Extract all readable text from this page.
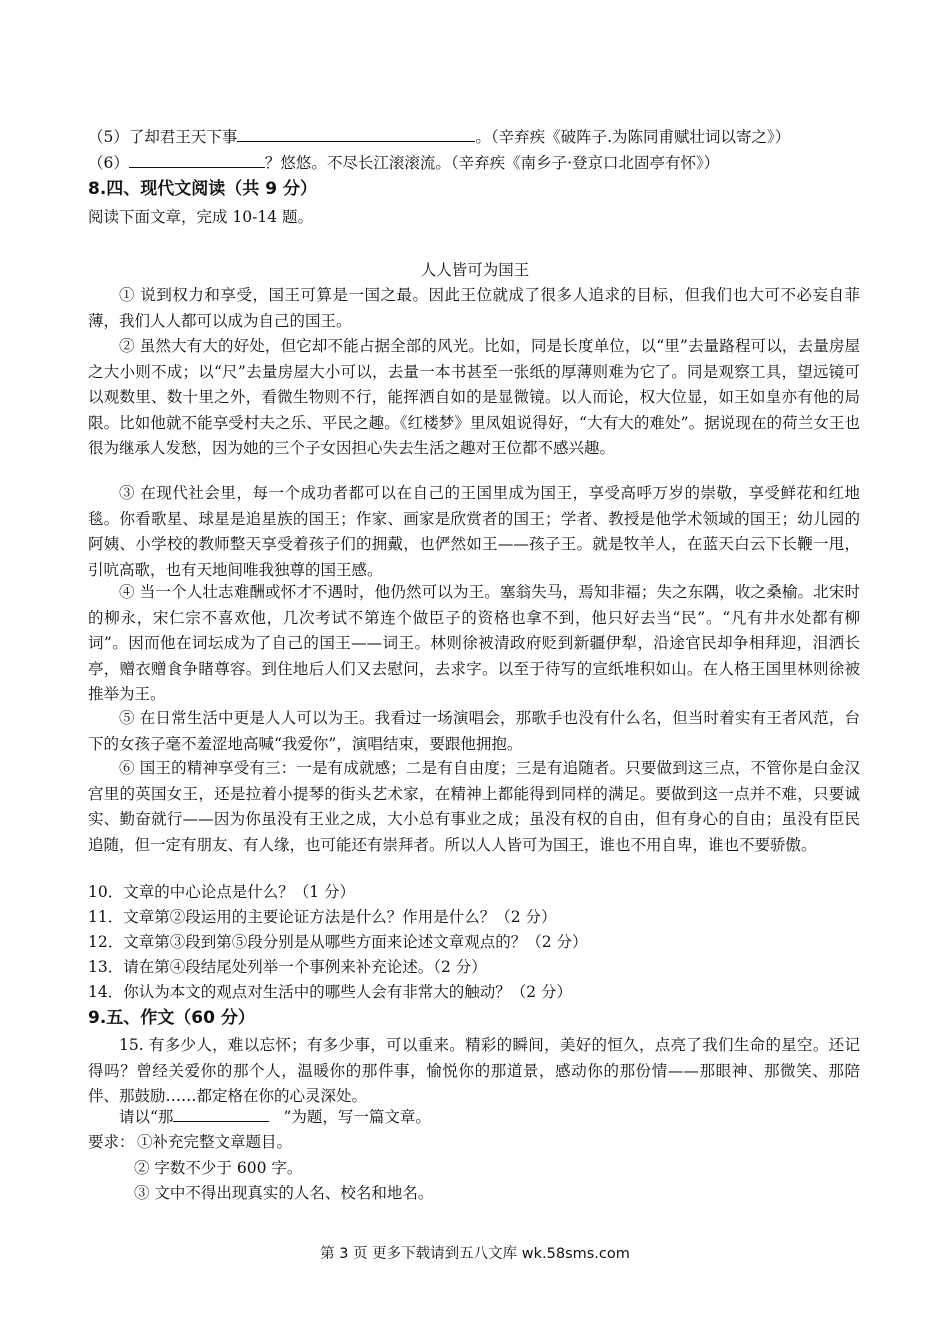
（5）了却君王天下事	。（辛弃疾《破阵子.为陈同甫赋壮词以寄之》）
（6）	？悠悠。不尽长江滚滚流。（辛弃疾《南乡子·登京口北固亭有怀》）
8.四、现代文阅读（共 9 分）
阅读下面文章，完成 10-14 题。
人人皆可为国王

① 说到权力和享受，国王可算是一国之最。因此王位就成了很多人追求的目标，但我们也大可不必妄自菲薄，我们人人都可以成为自己的国王。

② 虽然大有大的好处，但它却不能占据全部的风光。比如，同是长度单位，以“里”去量路程可以，去量房屋之大小则不成；以“尺”去量房屋大小可以，去量一本书甚至一张纸的厚薄则难为它了。同是观察工具，望远镜可以观数里、数十里之外，看微生物则不行，能挥洒自如的是显微镜。以人而论，权大位显，如王如皇亦有他的局限。比如他就不能享受村夫之乐、平民之趣。《红楼梦》里凤姐说得好，“大有大的难处”。据说现在的荷兰女王也很为继承人发愁，因为她的三个子女因担心失去生活之趣对王位都不感兴趣。

③ 在现代社会里，每一个成功者都可以在自己的王国里成为国王，享受高呼万岁的崇敬，享受鲜花和红地毯。你看歌星、球星是追星族的国王；作家、画家是欣赏者的国王；学者、教授是他学术领域的国王；幼儿园的阿姨、小学校的教师整天享受着孩子们的拥戴，也俨然如王——孩子王。就是牧羊人，在蓝天白云下长鞭一甩，引吭高歌，也有天地间唯我独尊的国王感。

④ 当一个人壮志难酬或怀才不遇时，他仍然可以为王。塞翁失马，焉知非福；失之东隅，收之桑榆。北宋时的柳永，宋仁宗不喜欢他，几次考试不第连个做臣子的资格也拿不到，他只好去当“民”。“凡有井水处都有柳词”。因而他在词坛成为了自己的国王——词王。林则徐被清政府贬到新疆伊犁，沿途官民却争相拜迎，泪洒长亭，赠衣赠食争睹尊容。到住地后人们又去慰问，去求字。以至于待写的宣纸堆积如山。在人格王国里林则徐被推举为王。

⑤ 在日常生活中更是人人可以为王。我看过一场演唱会，那歌手也没有什么名，但当时着实有王者风范，台下的女孩子毫不羞涩地高喊“我爱你”，演唱结束，要跟他拥抱。

⑥ 国王的精神享受有三：一是有成就感；二是有自由度；三是有追随者。只要做到这三点，不管你是白金汉宫里的英国女王，还是拉着小提琴的街头艺术家，在精神上都能得到同样的满足。要做到这一点并不难，只要诚实、勤奋就行——因为你虽没有王业之成，大小总有事业之成；虽没有权的自由，但有身心的自由；虽没有臣民追随，但一定有朋友、有人缘，也可能还有崇拜者。所以人人皆可为国王，谁也不用自卑，谁也不要骄傲。

10．文章的中心论点是什么？（1 分）
11．文章第②段运用的主要论证方法是什么？作用是什么？（2 分）
12．文章第③段到第⑤段分别是从哪些方面来论述文章观点的？（2 分）
13．请在第④段结尾处列举一个事例来补充论述。（2 分）
14．你认为本文的观点对生活中的哪些人会有非常大的触动？（2 分）
9.五、作文（60 分）

15. 有多少人，难以忘怀；有多少事，可以重来。精彩的瞬间，美好的恒久，点亮了我们生命的星空。还记得吗？曾经关爱你的那个人，温暖你的那件事，愉悦你的那道景，感动你的那份情——那眼神、那微笑、那陪伴、那鼓励……都定格在你的心灵深处。

请以“那	”为题，写一篇文章。
要求： ①补充完整文章题目。
② 字数不少于 600 字。
③ 文中不得出现真实的人名、校名和地名。
第 3 页 更多下载请到五八文库 wk.58sms.com
